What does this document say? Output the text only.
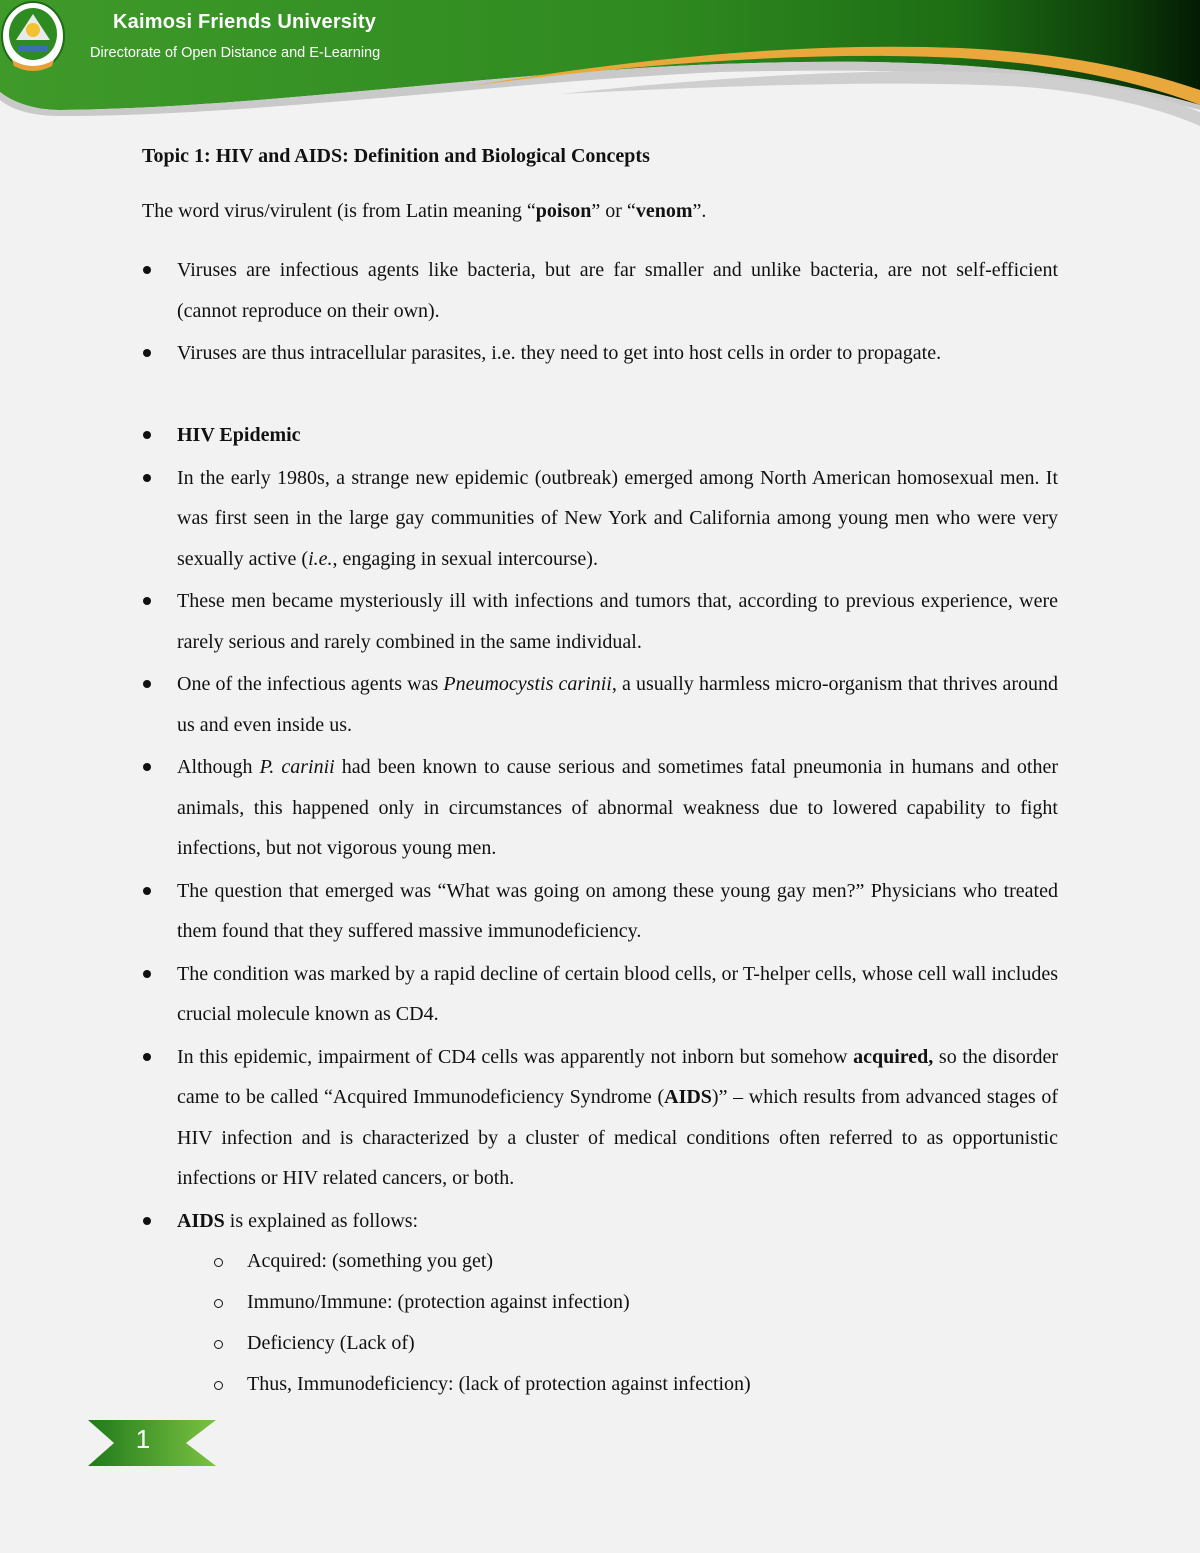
Kaimosi Friends University
Directorate of Open Distance and E-Learning
Topic 1: HIV and AIDS: Definition and Biological Concepts
The word virus/virulent (is from Latin meaning “poison” or “venom”.
Viruses are infectious agents like bacteria, but are far smaller and unlike bacteria, are not self-efficient (cannot reproduce on their own).
Viruses are thus intracellular parasites, i.e. they need to get into host cells in order to propagate.
HIV Epidemic
In the early 1980s, a strange new epidemic (outbreak) emerged among North American homosexual men. It was first seen in the large gay communities of New York and California among young men who were very sexually active (i.e., engaging in sexual intercourse).
These men became mysteriously ill with infections and tumors that, according to previous experience, were rarely serious and rarely combined in the same individual.
One of the infectious agents was Pneumocystis carinii, a usually harmless micro-organism that thrives around us and even inside us.
Although P. carinii had been known to cause serious and sometimes fatal pneumonia in humans and other animals, this happened only in circumstances of abnormal weakness due to lowered capability to fight infections, but not vigorous young men.
The question that emerged was “What was going on among these young gay men?” Physicians who treated them found that they suffered massive immunodeficiency.
The condition was marked by a rapid decline of certain blood cells, or T-helper cells, whose cell wall includes crucial molecule known as CD4.
In this epidemic, impairment of CD4 cells was apparently not inborn but somehow acquired, so the disorder came to be called “Acquired Immunodeficiency Syndrome (AIDS)” – which results from advanced stages of HIV infection and is characterized by a cluster of medical conditions often referred to as opportunistic infections or HIV related cancers, or both.
AIDS is explained as follows:
Acquired: (something you get)
Immuno/Immune: (protection against infection)
Deficiency (Lack of)
Thus, Immunodeficiency: (lack of protection against infection)
1
